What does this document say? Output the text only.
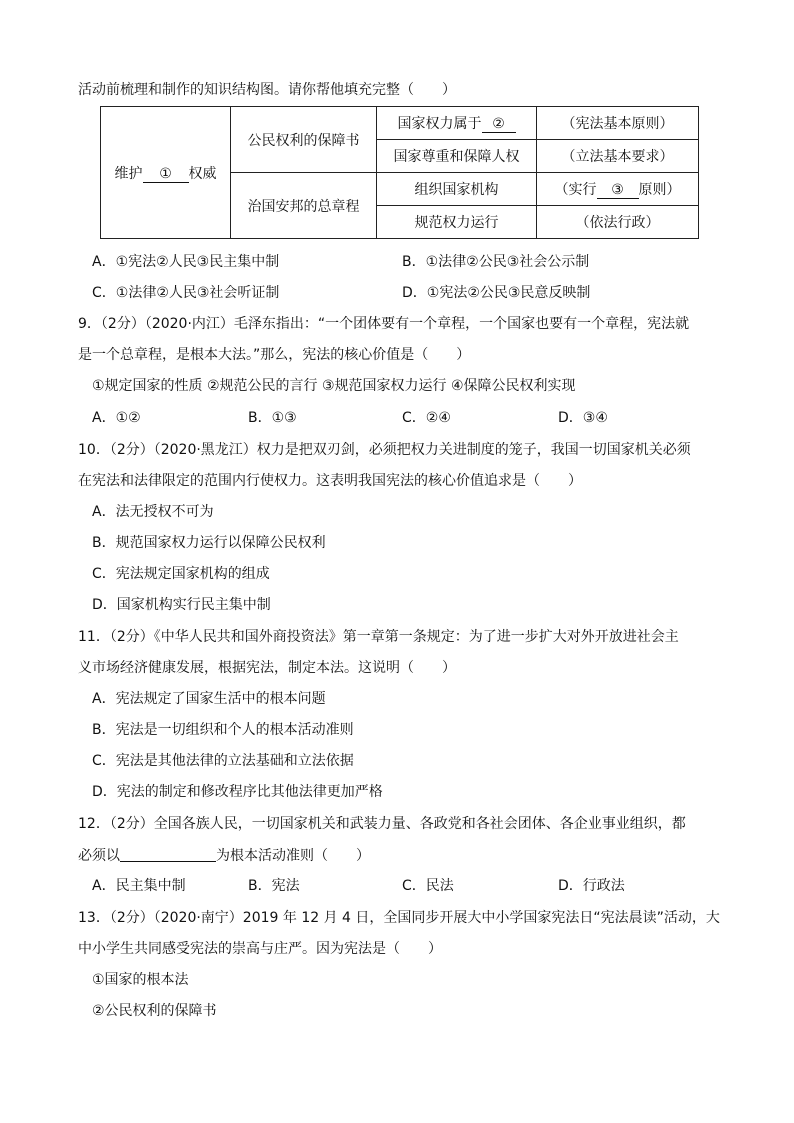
活动前梳理和制作的知识结构图。请你帮他填充完整（　　）
维护 ① 权威	公民权利的保障书	国家权力属于 ②	（宪法基本原则）
		国家尊重和保障人权	（立法基本要求）
	治国安邦的总章程	组织国家机构	（实行 ③ 原则）
		规范权力运行	（依法行政）
A．①宪法②人民③民主集中制	B．①法律②公民③社会公示制
C．①法律②人民③社会听证制	D．①宪法②公民③民意反映制
9．（2分）（2020·内江）毛泽东指出：“一个团体要有一个章程，一个国家也要有一个章程，宪法就
是一个总章程，是根本大法。”那么，宪法的核心价值是（　　）
①规定国家的性质 ②规范公民的言行 ③规范国家权力运行 ④保障公民权利实现
A．①②	B．①③	C．②④	D．③④
10．（2分）（2020·黑龙江）权力是把双刃剑，必须把权力关进制度的笼子，我国一切国家机关必须
在宪法和法律限定的范围内行使权力。这表明我国宪法的核心价值追求是（　　）
A．法无授权不可为
B．规范国家权力运行以保障公民权利
C．宪法规定国家机构的组成
D．国家机构实行民主集中制
11．（2分）《中华人民共和国外商投资法》第一章第一条规定：为了进一步扩大对外开放进社会主
义市场经济健康发展，根据宪法，制定本法。这说明（　　）
A．宪法规定了国家生活中的根本问题
B．宪法是一切组织和个人的根本活动准则
C．宪法是其他法律的立法基础和立法依据
D．宪法的制定和修改程序比其他法律更加严格
12．（2分）全国各族人民，一切国家机关和武装力量、各政党和各社会团体、各企业事业组织，都
必须以	为根本活动准则（　　）
A．民主集中制	B．宪法	C．民法	D．行政法
13．（2分）（2020·南宁）2019 年 12 月 4 日，全国同步开展大中小学国家宪法日“宪法晨读”活动，大
中小学生共同感受宪法的崇高与庄严。因为宪法是（　　）
①国家的根本法
②公民权利的保障书
